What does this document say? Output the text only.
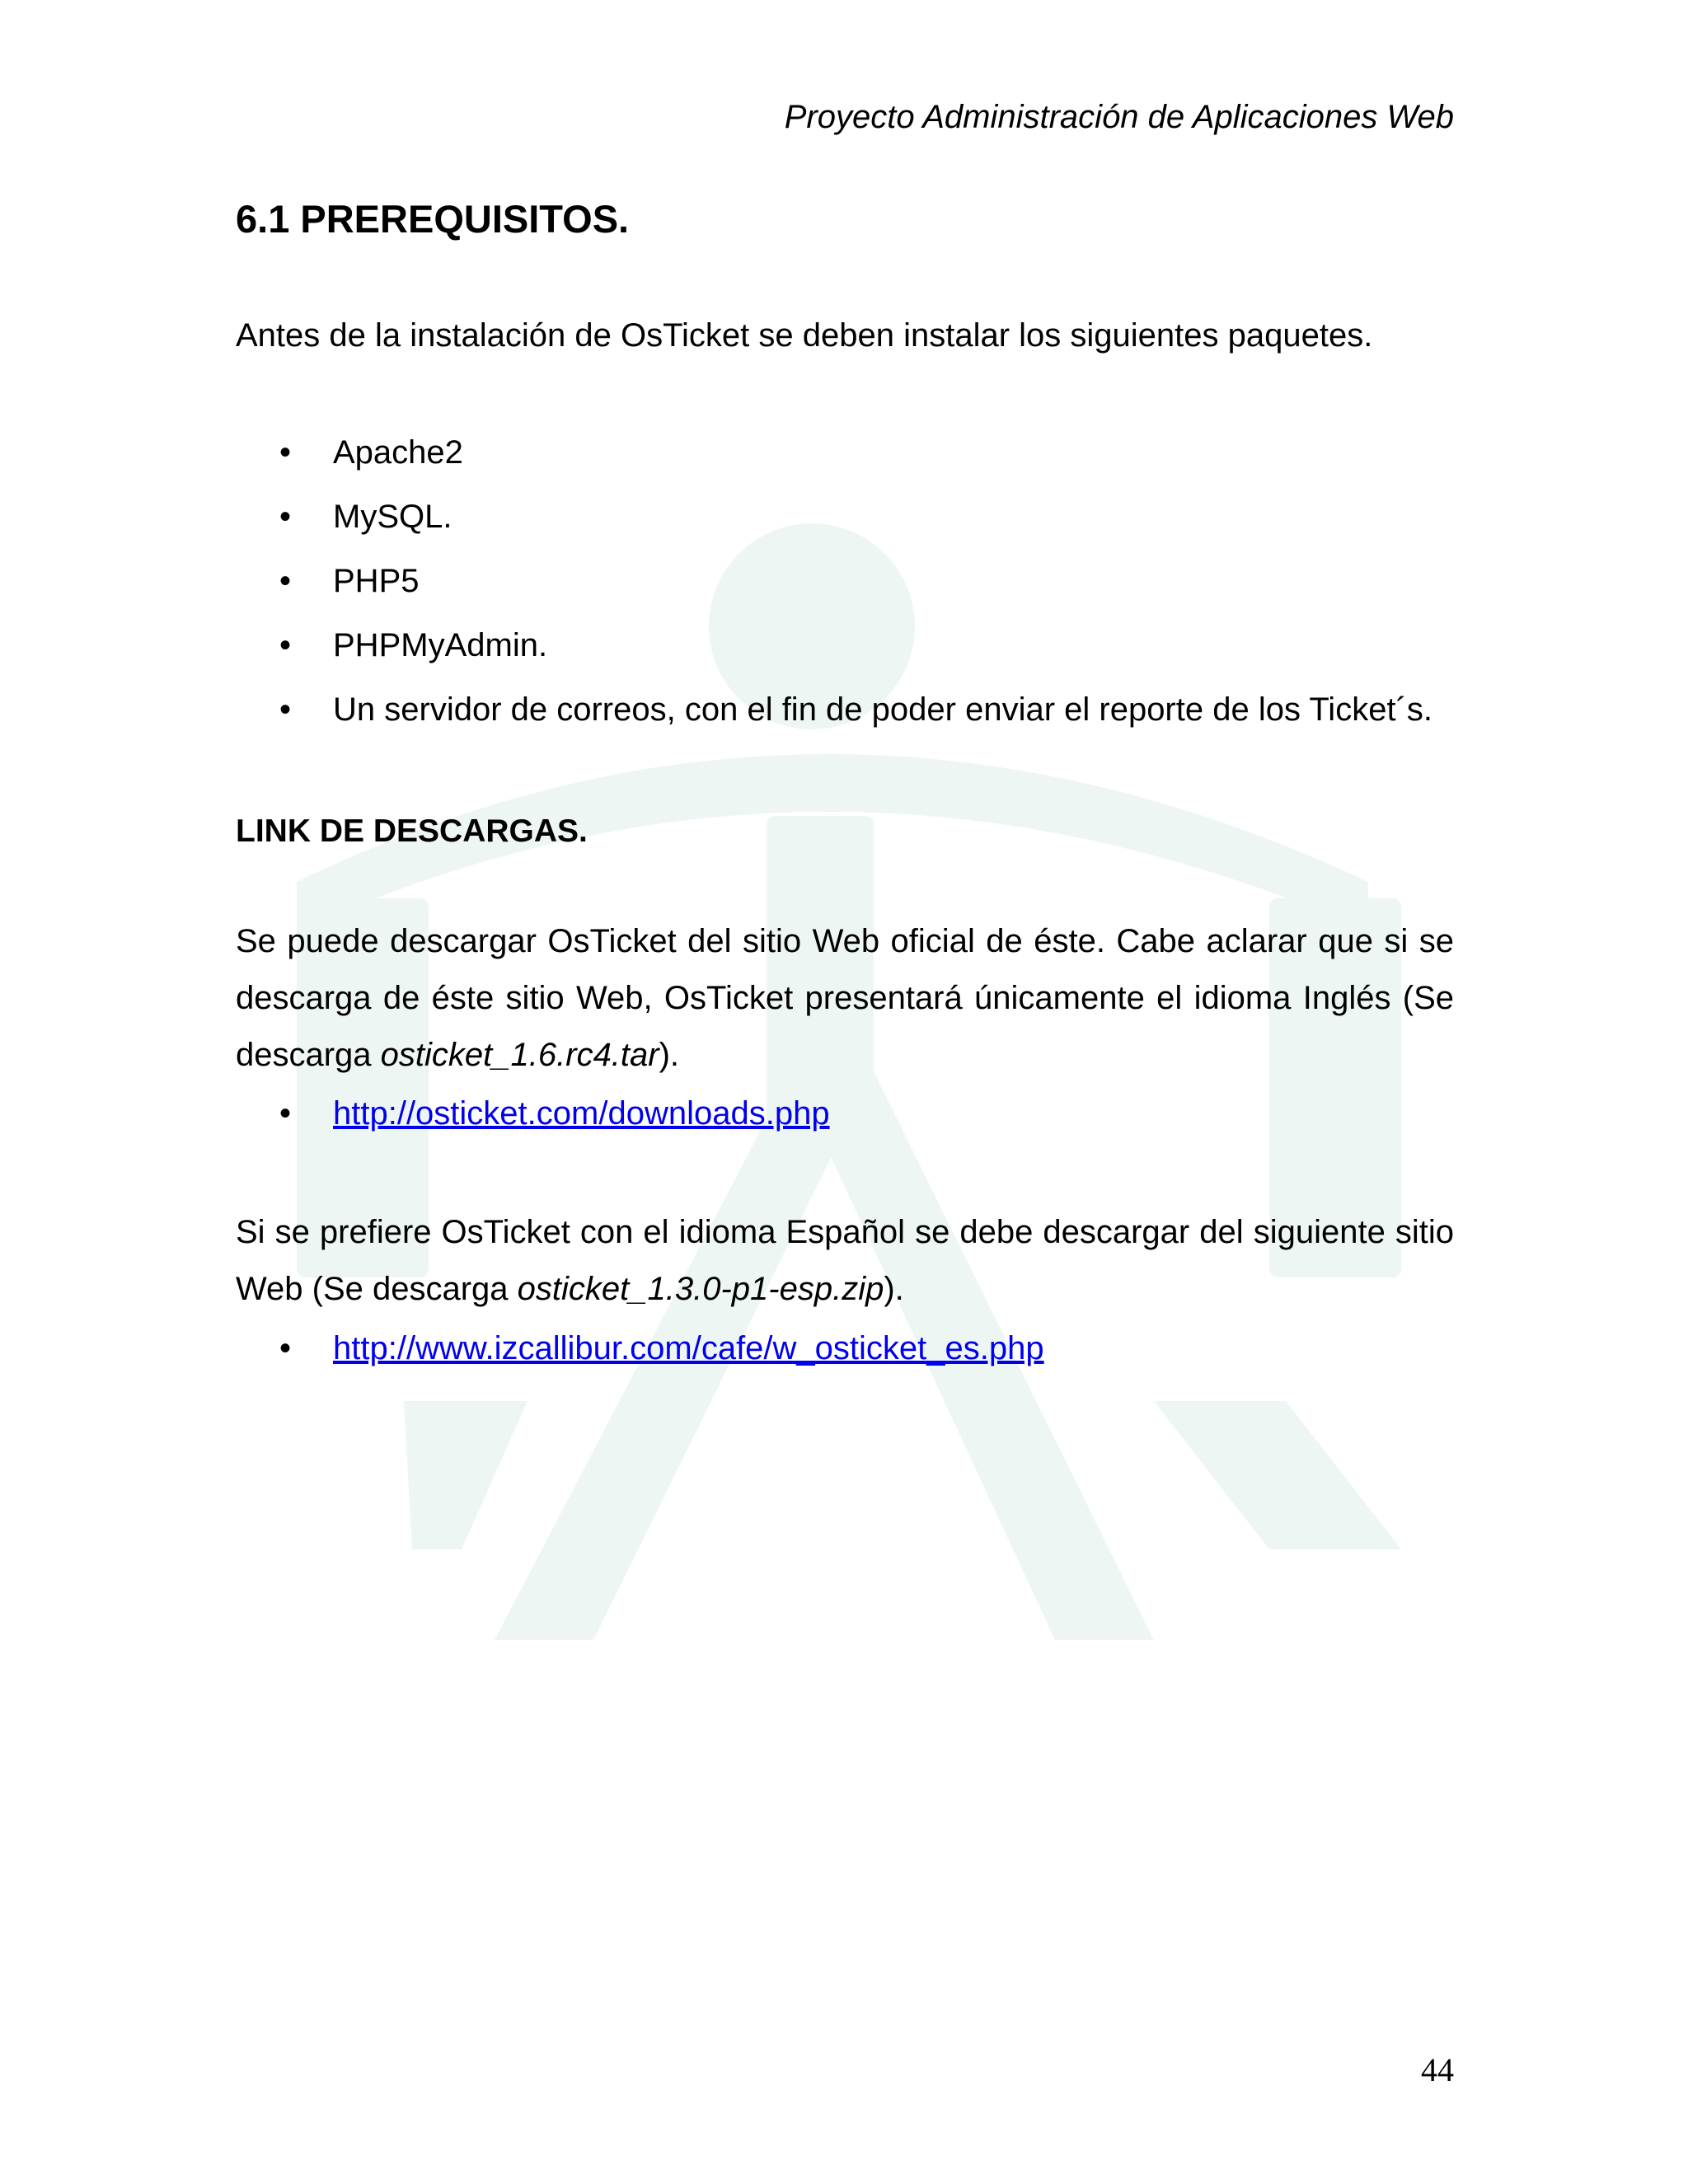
Proyecto Administración de Aplicaciones Web
6.1 PREREQUISITOS.

Antes de la instalación de OsTicket se deben instalar los siguientes paquetes.

• Apache2
• MySQL.
• PHP5
• PHPMyAdmin.
• Un servidor de correos, con el fin de poder enviar el reporte de los Ticket´s.
LINK DE DESCARGAS.

Se puede descargar OsTicket del sitio Web oficial de éste. Cabe aclarar que si se descarga de éste sitio Web, OsTicket presentará únicamente el idioma Inglés (Se descarga osticket_1.6.rc4.tar).

• http://osticket.com/downloads.php

Si se prefiere OsTicket con el idioma Español se debe descargar del siguiente sitio Web (Se descarga osticket_1.3.0-p1-esp.zip).

• http://www.izcallibur.com/cafe/w_osticket_es.php
44
